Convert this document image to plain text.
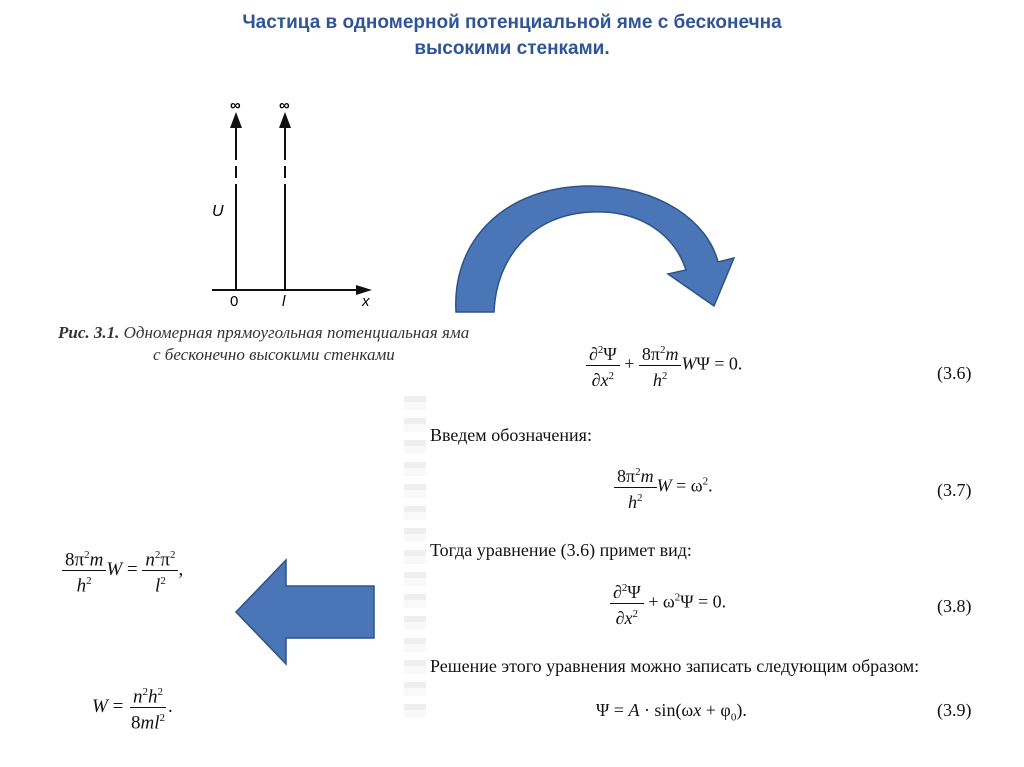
Частица в одномерной потенциальной яме с бесконечна
высокими стенками.
∞	∞
U
0	l	x
Рис. 3.1. Одномерная прямоугольная потенциальная яма
с бесконечно высокими стенками	$\frac{\partial^2\Psi}{\partial x^2} + \frac{8\pi^2m}{h^2}$ WΨ = 0.	(3.6)
Введем обозначения:
$\frac{8\pi^2m}{h^2}$ $W = \omega^2$.	(3.7)
Тогда уравнение (3.6) примет вид:
$\frac{\partial^2\Psi}{\partial x^2} + \omega^2\Psi = 0$.	(3.8)
Решение этого уравнения можно записать следующим образом:
$\Psi = A \cdot \sin(\omega x + \varphi_0)$.	(3.9)
$\frac{8\pi^2m}{h^2}$ $W = \frac{n^2\pi^2}{l^2}$ ,
$W = \frac{n^2h^2}{8ml^2}$ .
